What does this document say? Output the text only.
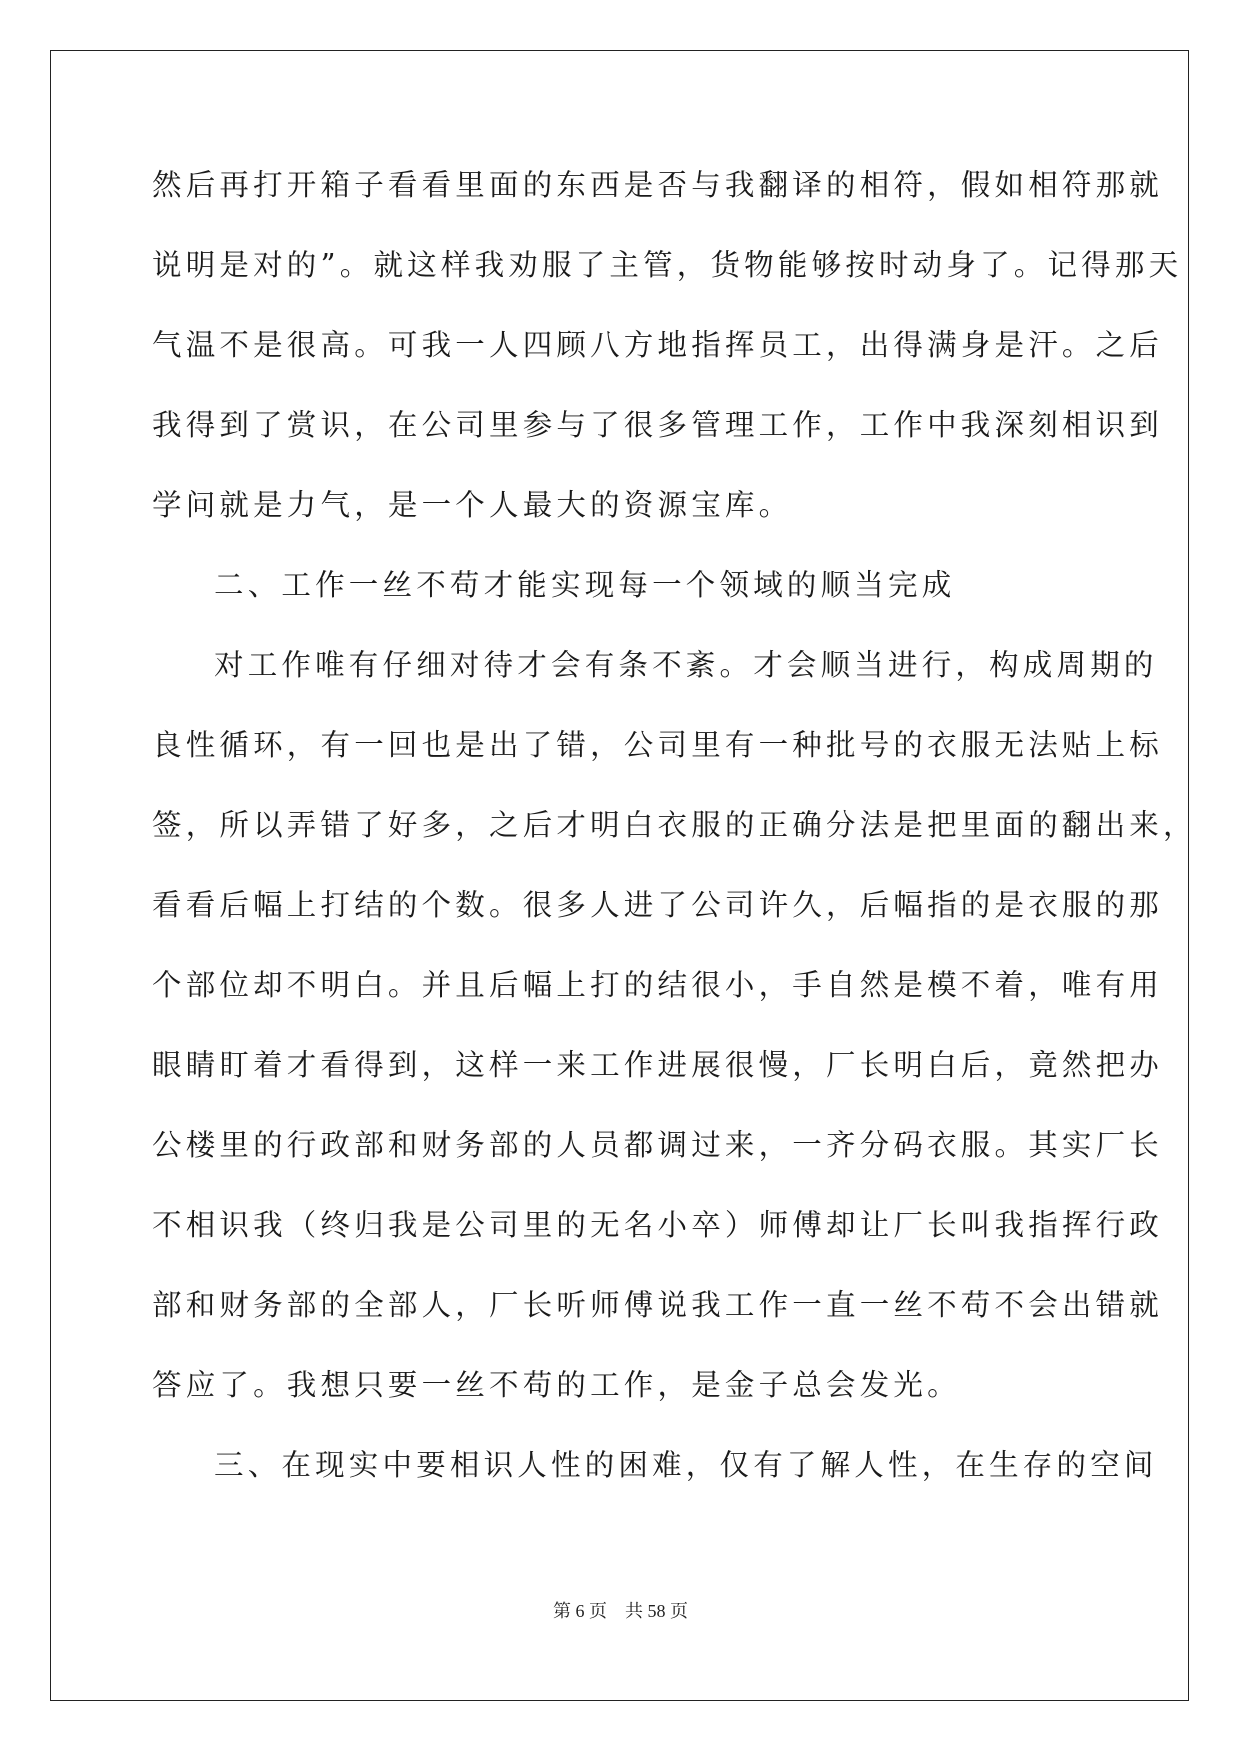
然后再打开箱子看看里面的东西是否与我翻译的相符，假如相符那就
说明是对的”。就这样我劝服了主管，货物能够按时动身了。记得那天
气温不是很高。可我一人四顾八方地指挥员工，出得满身是汗。之后
我得到了赏识，在公司里参与了很多管理工作，工作中我深刻相识到
学问就是力气，是一个人最大的资源宝库。
二、工作一丝不苟才能实现每一个领域的顺当完成
对工作唯有仔细对待才会有条不紊。才会顺当进行，构成周期的
良性循环，有一回也是出了错，公司里有一种批号的衣服无法贴上标
签，所以弄错了好多，之后才明白衣服的正确分法是把里面的翻出来，
看看后幅上打结的个数。很多人进了公司许久，后幅指的是衣服的那
个部位却不明白。并且后幅上打的结很小，手自然是模不着，唯有用
眼睛盯着才看得到，这样一来工作进展很慢，厂长明白后，竟然把办
公楼里的行政部和财务部的人员都调过来，一齐分码衣服。其实厂长
不相识我（终归我是公司里的无名小卒）师傅却让厂长叫我指挥行政
部和财务部的全部人，厂长听师傅说我工作一直一丝不苟不会出错就
答应了。我想只要一丝不苟的工作，是金子总会发光。
三、在现实中要相识人性的困难，仅有了解人性，在生存的空间
第 6 页 共 58 页
